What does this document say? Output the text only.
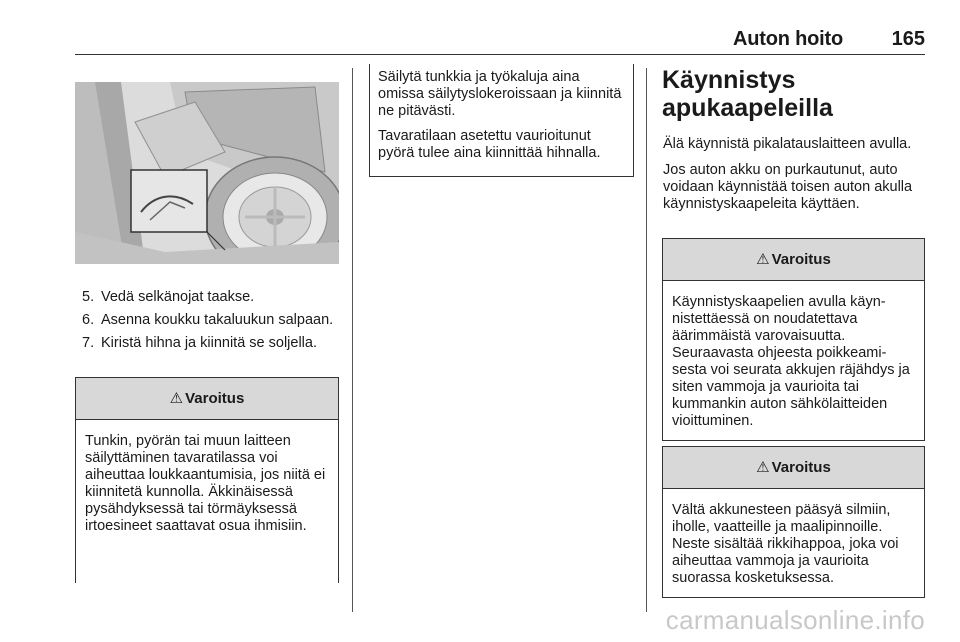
Auton hoito 165
5. Vedä selkänojat taakse.
6. Asenna koukku takaluukun salpaan.
7. Kiristä hihna ja kiinnitä se soljella.
⚠ Varoitus
Tunkin, pyörän tai muun laitteen säilyttäminen tavaratilassa voi aiheuttaa loukkaantumisia, jos niitä ei kiinnitetä kunnolla. Äkkinäisessä pysähdyksessä tai törmäyksessä irtoesineet saattavat osua ihmisiin.

Säilytä tunkkia ja työkaluja aina omissa säilytyslokeroissaan ja kiinnitä ne pitävästi.

Tavaratilaan asetettu vaurioitunut pyörä tulee aina kiinnittää hihnalla.

Käynnistys
apukaapeleilla

Älä käynnistä pikalatauslaitteen avulla.

Jos auton akku on purkautunut, auto voidaan käynnistää toisen auton akulla käynnistyskaapeleita käyttäen.

⚠ Varoitus
Käynnistyskaapelien avulla käynnistettäessä on noudatettava äärimmäistä varovaisuutta. Seuraavasta ohjeesta poikkeamisesta voi seurata akkujen räjähdys ja siten vammoja ja vaurioita tai kummankin auton sähkölaitteiden vioittuminen.
⚠ Varoitus
Vältä akkunesteen pääsyä silmiin, iholle, vaatteille ja maalipinnoille. Neste sisältää rikkihappoa, joka voi aiheuttaa vammoja ja vaurioita suorassa kosketuksessa.
carmanualsonline.info
